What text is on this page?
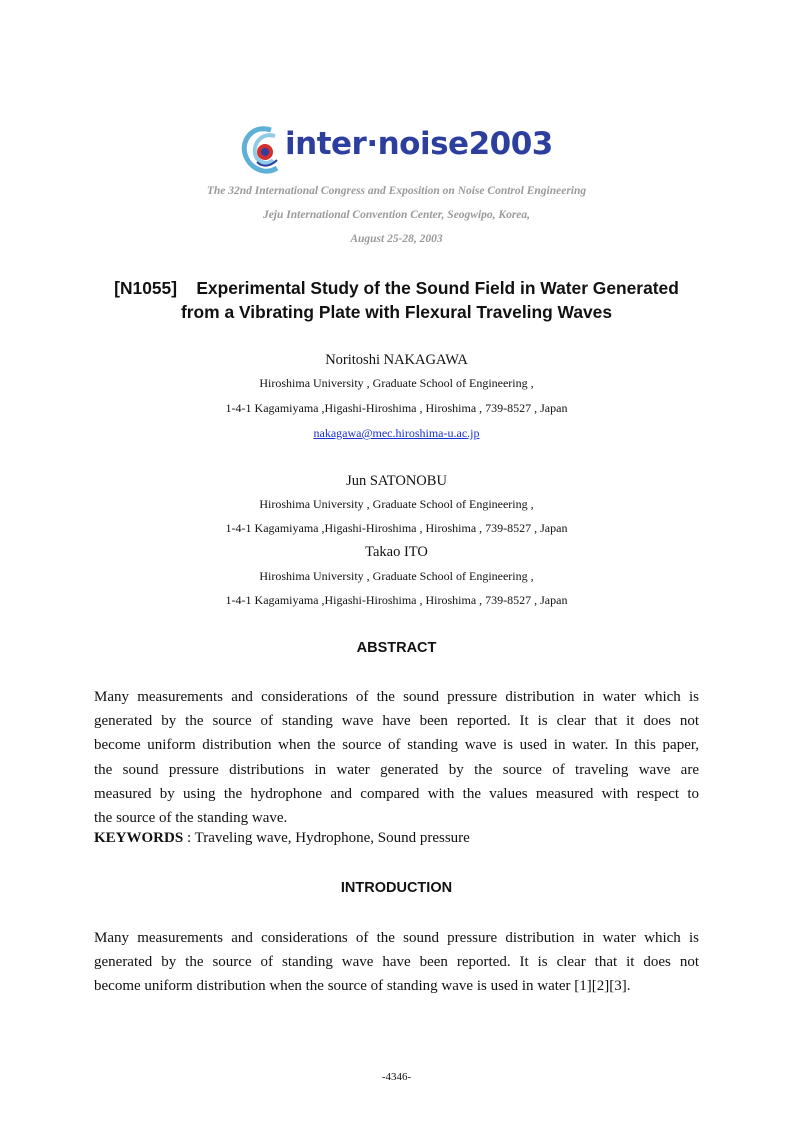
inter·noise2003
The 32nd International Congress and Exposition on Noise Control Engineering
Jeju International Convention Center, Seogwipo, Korea,
August 25-28, 2003
[N1055]    Experimental Study of the Sound Field in Water Generated
from a Vibrating Plate with Flexural Traveling Waves
Noritoshi NAKAGAWA
Hiroshima University , Graduate School of Engineering ,
1-4-1 Kagamiyama ,Higashi-Hiroshima , Hiroshima , 739-8527 , Japan
nakagawa@mec.hiroshima-u.ac.jp
Jun SATONOBU
Hiroshima University , Graduate School of Engineering ,
1-4-1 Kagamiyama ,Higashi-Hiroshima , Hiroshima , 739-8527 , Japan
Takao ITO
Hiroshima University , Graduate School of Engineering ,
1-4-1 Kagamiyama ,Higashi-Hiroshima , Hiroshima , 739-8527 , Japan
ABSTRACT
Many measurements and considerations of the sound pressure distribution in water which is
generated by the source of standing wave have been reported. It is clear that it does not
become uniform distribution when the source of standing wave is used in water. In this paper,
the sound pressure distributions in water generated by the source of traveling wave are
measured by using the hydrophone and compared with the values measured with respect to
the source of the standing wave.
KEYWORDS : Traveling wave, Hydrophone, Sound pressure
INTRODUCTION
Many measurements and considerations of the sound pressure distribution in water which is
generated by the source of standing wave have been reported. It is clear that it does not
become uniform distribution when the source of standing wave is used in water [1][2][3].
-4346-
